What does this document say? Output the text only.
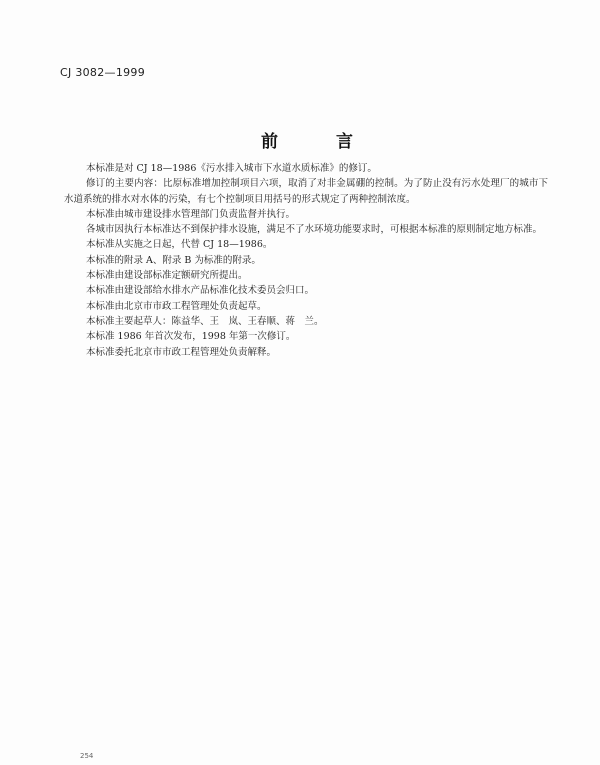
CJ 3082—1999
前 言

本标准是对 CJ 18—1986《污水排入城市下水道水质标准》的修订。

修订的主要内容：比原标准增加控制项目六项，取消了对非金属硼的控制。为了防止没有污水处理厂的城市下水道系统的排水对水体的污染，有七个控制项目用括号的形式规定了两种控制浓度。

本标准由城市建设排水管理部门负责监督并执行。

各城市因执行本标准达不到保护排水设施，满足不了水环境功能要求时，可根据本标准的原则制定地方标准。

本标准从实施之日起，代替 CJ 18—1986。

本标准的附录 A、附录 B 为标准的附录。

本标准由建设部标准定额研究所提出。

本标准由建设部给水排水产品标准化技术委员会归口。

本标准由北京市市政工程管理处负责起草。

本标准主要起草人：陈益华、王　岚、王春顺、蒋　兰。

本标准 1986 年首次发布，1998 年第一次修订。

本标准委托北京市市政工程管理处负责解释。

254
